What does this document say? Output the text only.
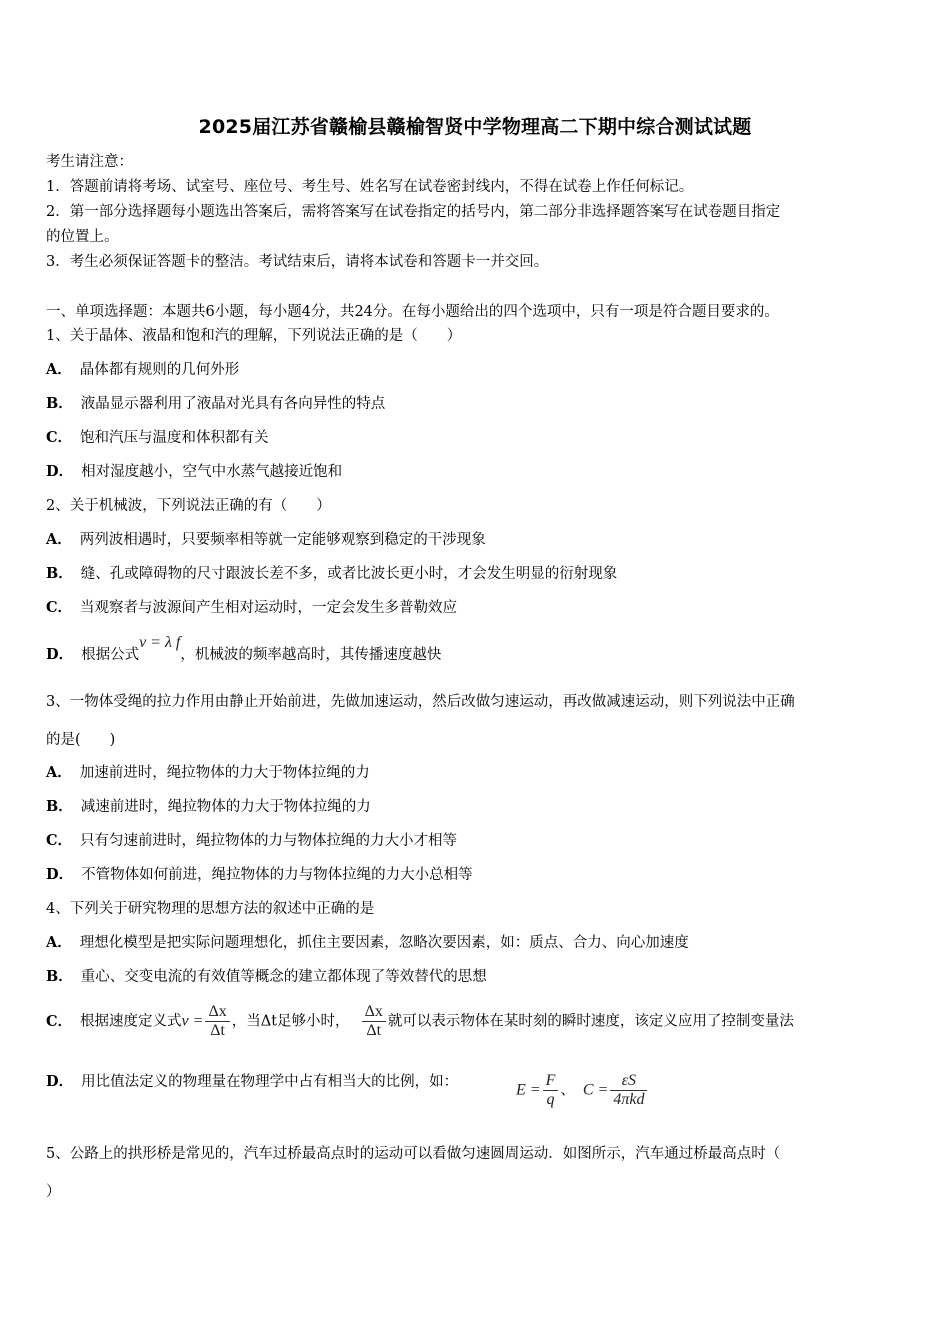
2025届江苏省赣榆县赣榆智贤中学物理高二下期中综合测试试题
考生请注意：
1．答题前请将考场、试室号、座位号、考生号、姓名写在试卷密封线内，不得在试卷上作任何标记。
2．第一部分选择题每小题选出答案后，需将答案写在试卷指定的括号内，第二部分非选择题答案写在试卷题目指定
的位置上。
3．考生必须保证答题卡的整洁。考试结束后，请将本试卷和答题卡一并交回。
一、单项选择题：本题共6小题，每小题4分，共24分。在每小题给出的四个选项中，只有一项是符合题目要求的。
1、关于晶体、液晶和饱和汽的理解，下列说法正确的是（　　）
A． 晶体都有规则的几何外形
B． 液晶显示器利用了液晶对光具有各向异性的特点
C． 饱和汽压与温度和体积都有关
D． 相对湿度越小，空气中水蒸气越接近饱和
2、关于机械波，下列说法正确的有（　　）
A． 两列波相遇时，只要频率相等就一定能够观察到稳定的干涉现象
B． 缝、孔或障碍物的尺寸跟波长差不多，或者比波长更小时，才会发生明显的衍射现象
C． 当观察者与波源间产生相对运动时，一定会发生多普勒效应
D． 根据公式v = λ f，机械波的频率越高时，其传播速度越快
3、一物体受绳的拉力作用由静止开始前进，先做加速运动，然后改做匀速运动，再改做减速运动，则下列说法中正确
的是(　　)
A． 加速前进时，绳拉物体的力大于物体拉绳的力
B． 减速前进时，绳拉物体的力大于物体拉绳的力
C． 只有匀速前进时，绳拉物体的力与物体拉绳的力大小才相等
D． 不管物体如何前进，绳拉物体的力与物体拉绳的力大小总相等
4、下列关于研究物理的思想方法的叙述中正确的是
A． 理想化模型是把实际问题理想化，抓住主要因素，忽略次要因素，如：质点、合力、向心加速度
B． 重心、交变电流的有效值等概念的建立都体现了等效替代的思想
C． 根据速度定义式$v = \frac{\Delta x}{\Delta t}$ ，当Δt足够小时， $\frac{\Delta x}{\Delta t}$ 就可以表示物体在某时刻的瞬时速度，该定义应用了控制变量法
D． 用比值法定义的物理量在物理学中占有相当大的比例，如：	$E = \frac{F}{q}$ 、 $C = \frac{\varepsilon S}{\text{4πkd}}$
5、公路上的拱形桥是常见的，汽车过桥最高点时的运动可以看做匀速圆周运动．如图所示，汽车通过桥最高点时（
）
